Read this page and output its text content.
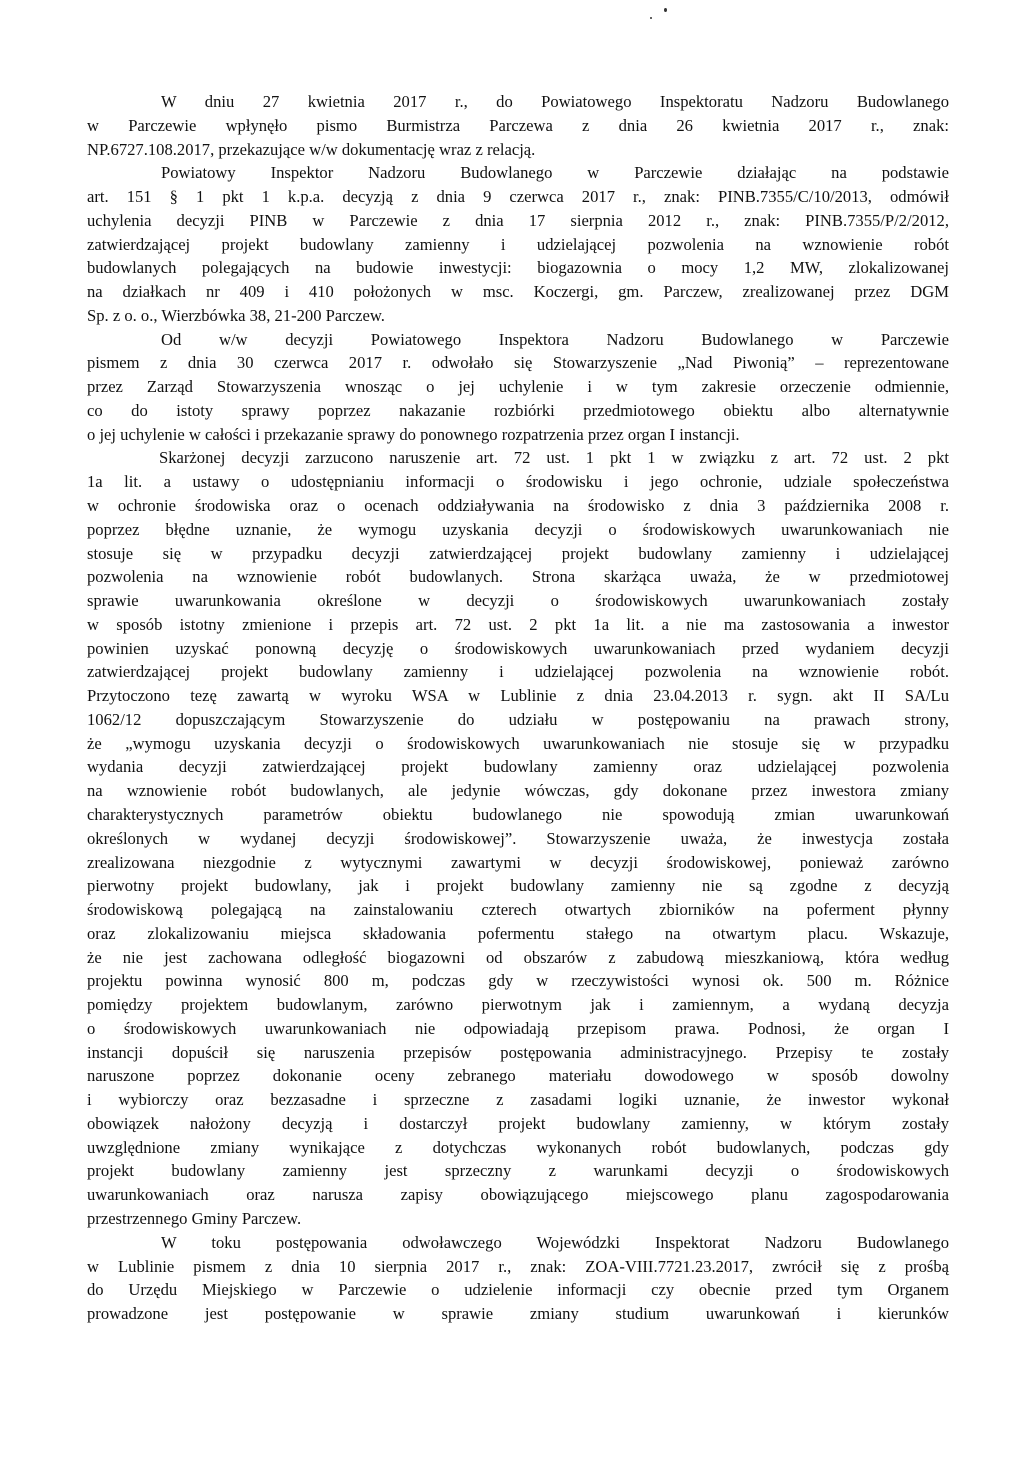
W dniu 27 kwietnia 2017 r., do Powiatowego Inspektoratu Nadzoru Budowlanego
w Parczewie wpłynęło pismo Burmistrza Parczewa z dnia 26 kwietnia 2017 r., znak:
NP.6727.108.2017, przekazujące w/w dokumentację wraz z relacją.
Powiatowy Inspektor Nadzoru Budowlanego w Parczewie działając na podstawie
art. 151 § 1 pkt 1 k.p.a. decyzją z dnia 9 czerwca 2017 r., znak: PINB.7355/C/10/2013, odmówił
uchylenia decyzji PINB w Parczewie z dnia 17 sierpnia 2012 r., znak: PINB.7355/P/2/2012,
zatwierdzającej projekt budowlany zamienny i udzielającej pozwolenia na wznowienie robót
budowlanych polegających na budowie inwestycji: biogazownia o mocy 1,2 MW, zlokalizowanej
na działkach nr 409 i 410 położonych w msc. Koczergi, gm. Parczew, zrealizowanej przez DGM
Sp. z o. o., Wierzbówka 38, 21-200 Parczew.
Od w/w decyzji Powiatowego Inspektora Nadzoru Budowlanego w Parczewie
pismem z dnia 30 czerwca 2017 r. odwołało się Stowarzyszenie „Nad Piwonią” – reprezentowane
przez Zarząd Stowarzyszenia wnosząc o jej uchylenie i w tym zakresie orzeczenie odmiennie,
co do istoty sprawy poprzez nakazanie rozbiórki przedmiotowego obiektu albo alternatywnie
o jej uchylenie w całości i przekazanie sprawy do ponownego rozpatrzenia przez organ I instancji.
Skarżonej decyzji zarzucono naruszenie art. 72 ust. 1 pkt 1 w związku z art. 72 ust. 2 pkt
1a lit. a ustawy o udostępnianiu informacji o środowisku i jego ochronie, udziale społeczeństwa
w ochronie środowiska oraz o ocenach oddziaływania na środowisko z dnia 3 października 2008 r.
poprzez błędne uznanie, że wymogu uzyskania decyzji o środowiskowych uwarunkowaniach nie
stosuje się w przypadku decyzji zatwierdzającej projekt budowlany zamienny i udzielającej
pozwolenia na wznowienie robót budowlanych. Strona skarżąca uważa, że w przedmiotowej
sprawie uwarunkowania określone w decyzji o środowiskowych uwarunkowaniach zostały
w sposób istotny zmienione i przepis art. 72 ust. 2 pkt 1a lit. a nie ma zastosowania a inwestor
powinien uzyskać ponowną decyzję o środowiskowych uwarunkowaniach przed wydaniem decyzji
zatwierdzającej projekt budowlany zamienny i udzielającej pozwolenia na wznowienie robót.
Przytoczono tezę zawartą w wyroku WSA w Lublinie z dnia 23.04.2013 r. sygn. akt II SA/Lu
1062/12 dopuszczającym Stowarzyszenie do udziału w postępowaniu na prawach strony,
że „wymogu uzyskania decyzji o środowiskowych uwarunkowaniach nie stosuje się w przypadku
wydania decyzji zatwierdzającej projekt budowlany zamienny oraz udzielającej pozwolenia
na wznowienie robót budowlanych, ale jedynie wówczas, gdy dokonane przez inwestora zmiany
charakterystycznych parametrów obiektu budowlanego nie spowodują zmian uwarunkowań
określonych w wydanej decyzji środowiskowej”. Stowarzyszenie uważa, że inwestycja została
zrealizowana niezgodnie z wytycznymi zawartymi w decyzji środowiskowej, ponieważ zarówno
pierwotny projekt budowlany, jak i projekt budowlany zamienny nie są zgodne z decyzją
środowiskową polegającą na zainstalowaniu czterech otwartych zbiorników na poferment płynny
oraz zlokalizowaniu miejsca składowania pofermentu stałego na otwartym placu. Wskazuje,
że nie jest zachowana odległość biogazowni od obszarów z zabudową mieszkaniową, która według
projektu powinna wynosić 800 m, podczas gdy w rzeczywistości wynosi ok. 500 m. Różnice
pomiędzy projektem budowlanym, zarówno pierwotnym jak i zamiennym, a wydaną decyzja
o środowiskowych uwarunkowaniach nie odpowiadają przepisom prawa. Podnosi, że organ I
instancji dopuścił się naruszenia przepisów postępowania administracyjnego. Przepisy te zostały
naruszone poprzez dokonanie oceny zebranego materiału dowodowego w sposób dowolny
i wybiorczy oraz bezzasadne i sprzeczne z zasadami logiki uznanie, że inwestor wykonał
obowiązek nałożony decyzją i dostarczył projekt budowlany zamienny, w którym zostały
uwzględnione zmiany wynikające z dotychczas wykonanych robót budowlanych, podczas gdy
projekt budowlany zamienny jest sprzeczny z warunkami decyzji o środowiskowych
uwarunkowaniach oraz narusza zapisy obowiązującego miejscowego planu zagospodarowania
przestrzennego Gminy Parczew.
W toku postępowania odwoławczego Wojewódzki Inspektorat Nadzoru Budowlanego
w Lublinie pismem z dnia 10 sierpnia 2017 r., znak: ZOA-VIII.7721.23.2017, zwrócił się z prośbą
do Urzędu Miejskiego w Parczewie o udzielenie informacji czy obecnie przed tym Organem
prowadzone jest postępowanie w sprawie zmiany studium uwarunkowań i kierunków
